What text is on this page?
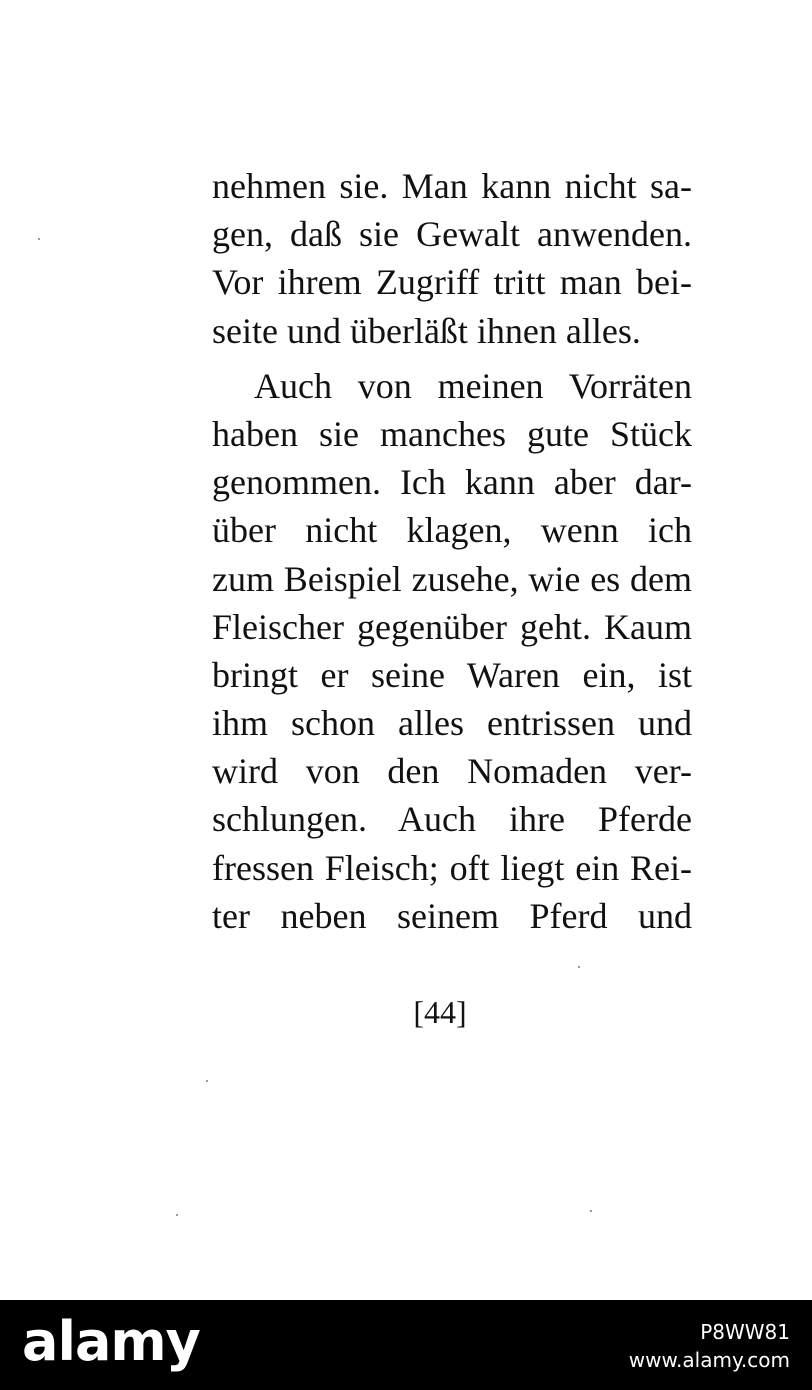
nehmen sie. Man kann nicht sa-
gen, daß sie Gewalt anwenden.
Vor ihrem Zugriff tritt man bei-
seite und überläßt ihnen alles.
Auch von meinen Vorräten
haben sie manches gute Stück
genommen. Ich kann aber dar-
über nicht klagen, wenn ich
zum Beispiel zusehe, wie es dem
Fleischer gegenüber geht. Kaum
bringt er seine Waren ein, ist
ihm schon alles entrissen und
wird von den Nomaden ver-
schlungen. Auch ihre Pferde
fressen Fleisch; oft liegt ein Rei-
ter neben seinem Pferd und
[44]
alamy	P8WW81
www.alamy.com
